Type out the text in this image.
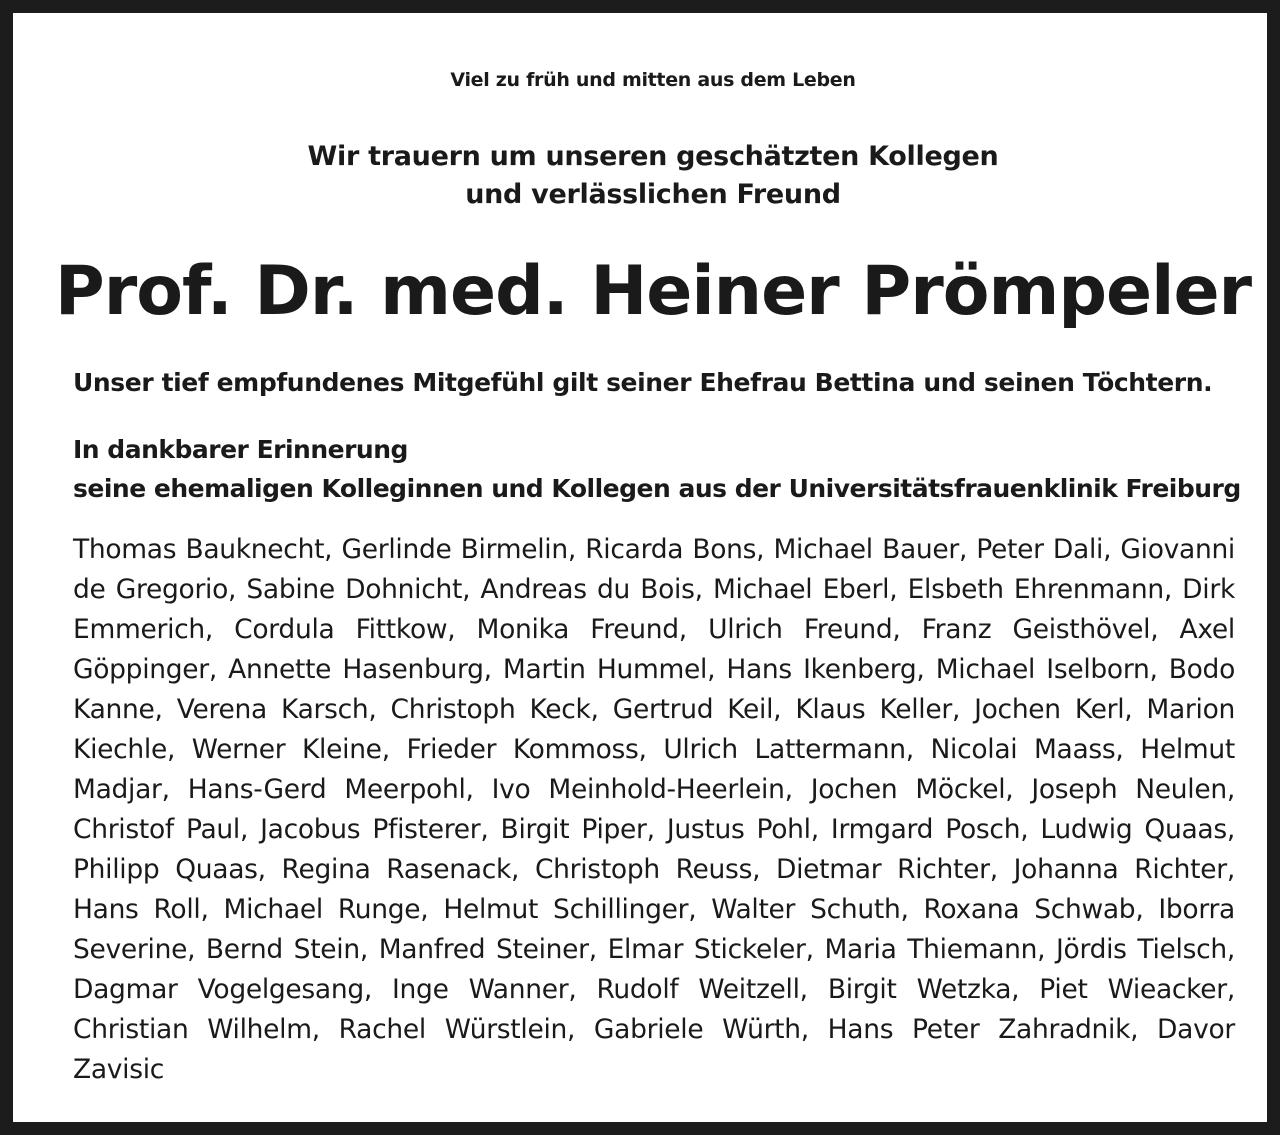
Viel zu früh und mitten aus dem Leben
Wir trauern um unseren geschätzten Kollegen
und verlässlichen Freund
Prof. Dr. med. Heiner Prömpeler
Unser tief empfundenes Mitgefühl gilt seiner Ehefrau Bettina und seinen Töchtern.
In dankbarer Erinnerung
seine ehemaligen Kolleginnen und Kollegen aus der Universitätsfrauenklinik Freiburg
Thomas Bauknecht, Gerlinde Birmelin, Ricarda Bons, Michael Bauer, Peter Dali, Giovanni de Gregorio, Sabine Dohnicht, Andreas du Bois, Michael Eberl, Elsbeth Ehrenmann, Dirk Emmerich, Cordula Fittkow, Monika Freund, Ulrich Freund, Franz Geisthövel, Axel Göppinger, Annette Hasenburg, Martin Hummel, Hans Ikenberg, Michael Iselborn, Bodo Kanne, Verena Karsch, Christoph Keck, Gertrud Keil, Klaus Keller, Jochen Kerl, Marion Kiechle, Werner Kleine, Frieder Kommoss, Ulrich Lattermann, Nicolai Maass, Helmut Madjar, Hans-Gerd Meerpohl, Ivo Meinhold-Heerlein, Jochen Möckel, Joseph Neulen, Christof Paul, Jacobus Pfisterer, Birgit Piper, Justus Pohl, Irmgard Posch, Ludwig Quaas, Philipp Quaas, Regina Rasenack, Christoph Reuss, Dietmar Richter, Johanna Richter, Hans Roll, Michael Runge, Helmut Schillinger, Walter Schuth, Roxana Schwab, Iborra Severine, Bernd Stein, Manfred Steiner, Elmar Stickeler, Maria Thiemann, Jördis Tielsch, Dagmar Vogelgesang, Inge Wanner, Rudolf Weitzell, Birgit Wetzka, Piet Wieacker, Christian Wilhelm, Rachel Würstlein, Gabriele Würth, Hans Peter Zahradnik, Davor Zavisic
